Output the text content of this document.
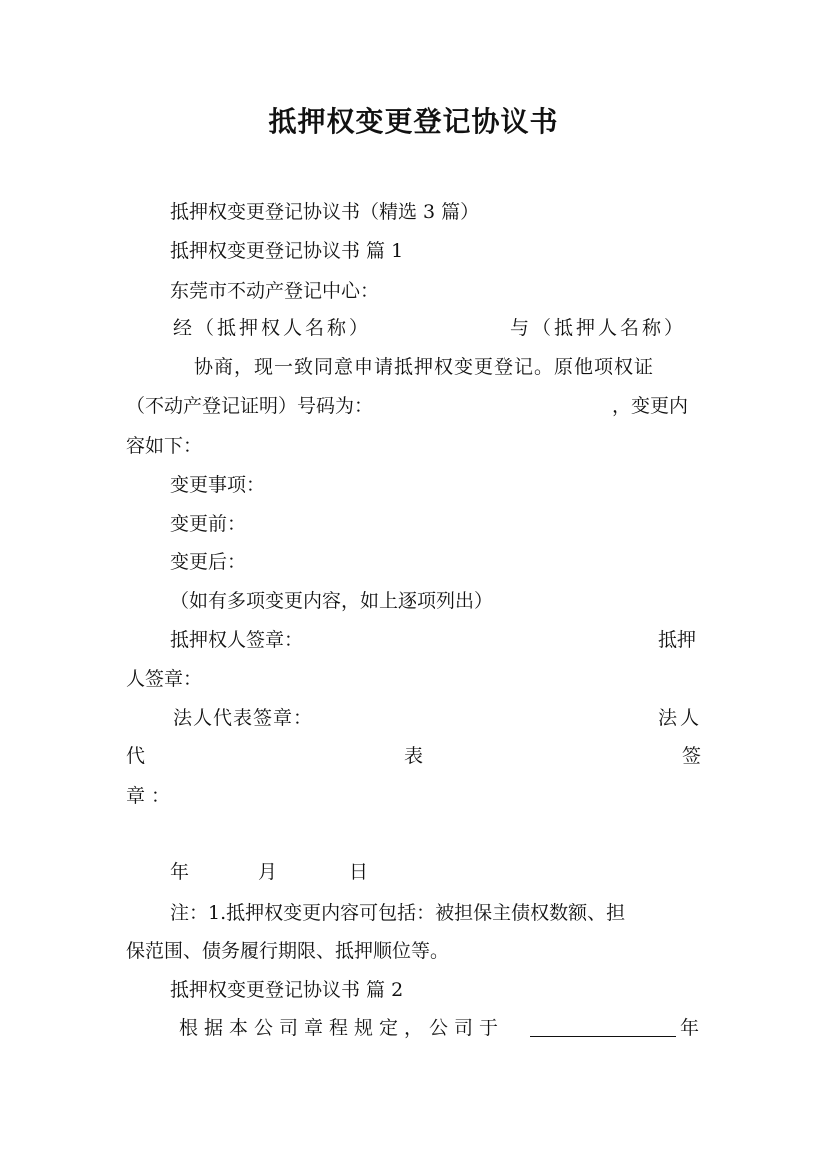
抵押权变更登记协议书
抵押权变更登记协议书（精选 3 篇）
抵押权变更登记协议书 篇 1
东莞市不动产登记中心：
经（抵押权人名称）	与（抵押人名称）
协商，现一致同意申请抵押权变更登记。原他项权证
（不动产登记证明）号码为：	，变更内
容如下：
变更事项：
变更前：
变更后：
（如有多项变更内容，如上逐项列出）
抵押权人签章：	抵押
人签章：
法人代表签章：	法人
代	表	签
章 ：
年	月	日
注：1.抵押权变更内容可包括：被担保主债权数额、担
保范围、债务履行期限、抵押顺位等。
抵押权变更登记协议书 篇 2
根据本公司章程规定，公司于	年
